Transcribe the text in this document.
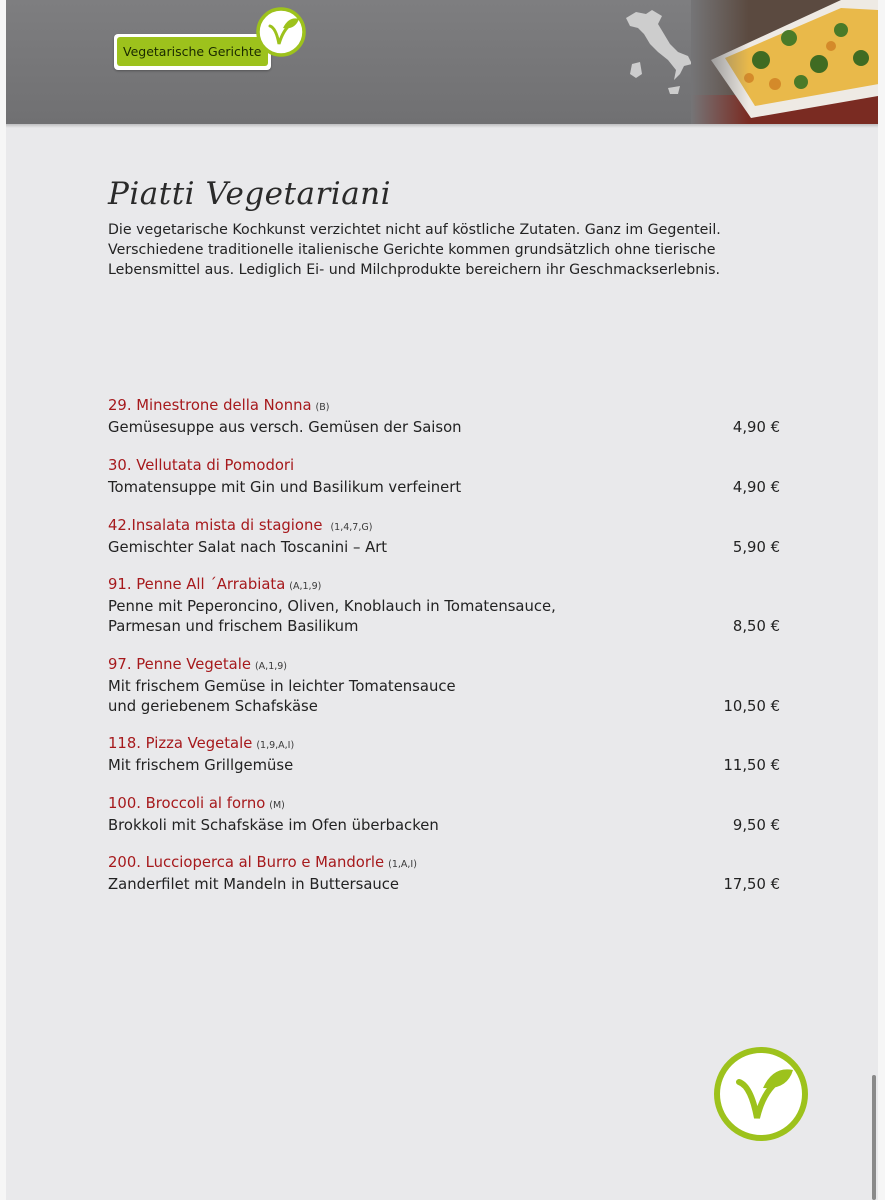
Vegetarische Gerichte
Piatti Vegetariani
Die vegetarische Kochkunst verzichtet nicht auf köstliche Zutaten. Ganz im Gegenteil.
Verschiedene traditionelle italienische Gerichte kommen grundsätzlich ohne tierische
Lebensmittel aus. Lediglich Ei- und Milchprodukte bereichern ihr Geschmackserlebnis.
29. Minestrone della Nonna (B)
Gemüsesuppe aus versch. Gemüsen der Saison	4,90 €
30. Vellutata di Pomodori
Tomatensuppe mit Gin und Basilikum verfeinert	4,90 €
42.Insalata mista di stagione (1,4,7,G)
Gemischter Salat nach Toscanini – Art	5,90 €
91. Penne All ´Arrabiata (A,1,9)
Penne mit Peperoncino, Oliven, Knoblauch in Tomatensauce,
Parmesan und frischem Basilikum	8,50 €
97. Penne Vegetale (A,1,9)
Mit frischem Gemüse in leichter Tomatensauce
und geriebenem Schafskäse	10,50 €
118. Pizza Vegetale (1,9,A,I)
Mit frischem Grillgemüse	11,50 €
100. Broccoli al forno (M)
Brokkoli mit Schafskäse im Ofen überbacken	9,50 €
200. Luccioperca al Burro e Mandorle (1,A,I)
Zanderfilet mit Mandeln in Buttersauce	17,50 €
